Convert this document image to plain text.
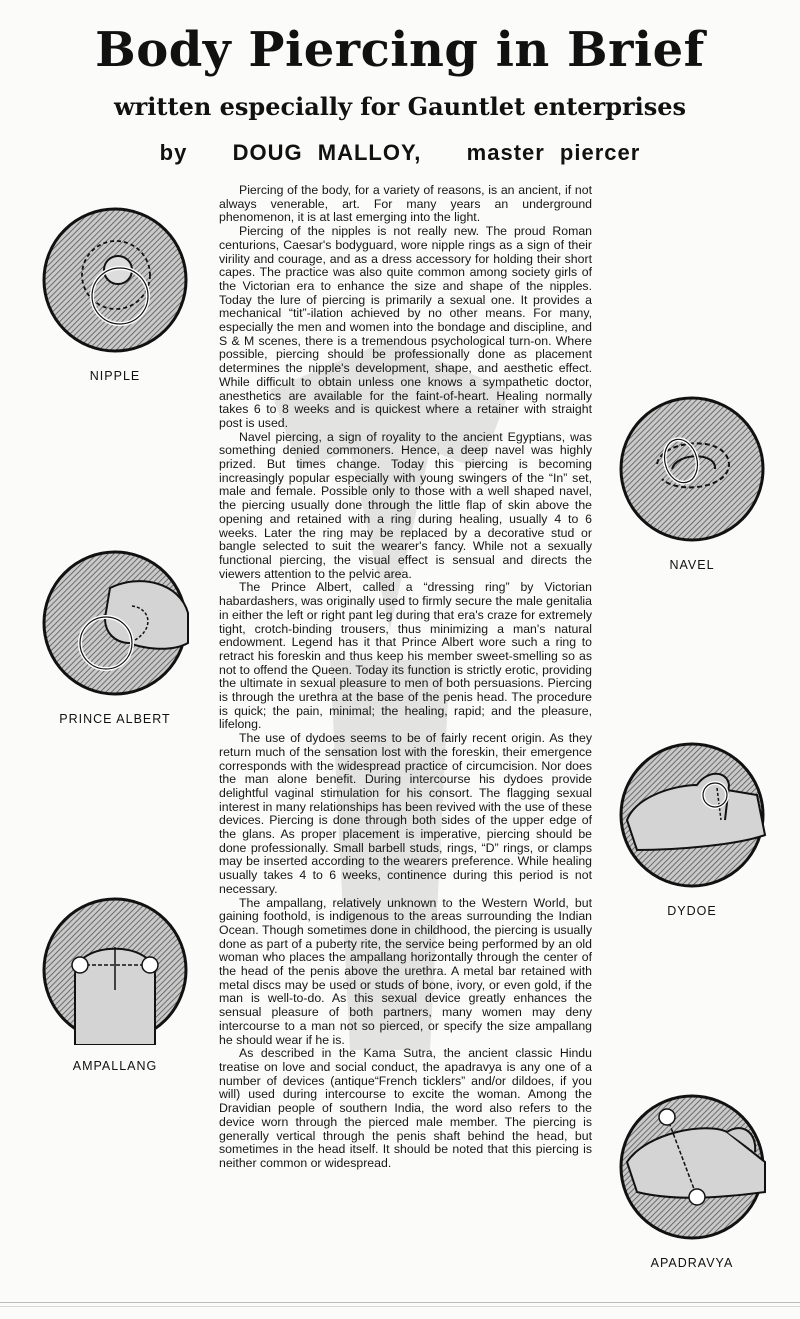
Body Piercing in Brief
written especially for Gauntlet enterprises
by   DOUG MALLOY,   master piercer

Piercing of the body, for a variety of reasons, is an ancient, if not always venerable, art. For many years an underground phenomenon, it is at last emerging into the light.

Piercing of the nipples is not really new. The proud Roman centurions, Caesar's bodyguard, wore nipple rings as a sign of their virility and courage, and as a dress accessory for holding their short capes. The practice was also quite common among society girls of the Victorian era to enhance the size and shape of the nipples. Today the lure of piercing is primarily a sexual one. It provides a mechanical “tit”-ilation achieved by no other means. For many, especially the men and women into the bondage and discipline, and S & M scenes, there is a tremendous psychological turn-on. Where possible, piercing should be professionally done as placement determines the nipple's development, shape, and aesthetic effect. While difficult to obtain unless one knows a sympathetic doctor, anesthetics are available for the faint-of-heart. Healing normally takes 6 to 8 weeks and is quickest where a retainer with straight post is used.

Navel piercing, a sign of royality to the ancient Egyptians, was something denied commoners. Hence, a deep navel was highly prized. But times change. Today this piercing is becoming increasingly popular especially with young swingers of the “In” set, male and female. Possible only to those with a well shaped navel, the piercing usually done through the little flap of skin above the opening and retained with a ring during healing, usually 4 to 6 weeks. Later the ring may be replaced by a decorative stud or bangle selected to suit the wearer's fancy. While not a sexually functional piercing, the visual effect is sensual and directs the viewers attention to the pelvic area.

The Prince Albert, called a “dressing ring” by Victorian habardashers, was originally used to firmly secure the male genitalia in either the left or right pant leg during that era's craze for extremely tight, crotch-binding trousers, thus minimizing a man's natural endowment. Legend has it that Prince Albert wore such a ring to retract his foreskin and thus keep his member sweet-smelling so as not to offend the Queen. Today its function is strictly erotic, providing the ultimate in sexual pleasure to men of both persuasions. Piercing is through the urethra at the base of the penis head. The procedure is quick; the pain, minimal; the healing, rapid; and the pleasure, lifelong.

The use of dydoes seems to be of fairly recent origin. As they return much of the sensation lost with the foreskin, their emergence corresponds with the widespread practice of circumcision. Nor does the man alone benefit. During intercourse his dydoes provide delightful vaginal stimulation for his consort. The flagging sexual interest in many relationships has been revived with the use of these devices. Piercing is done through both sides of the upper edge of the glans. As proper placement is imperative, piercing should be done professionally. Small barbell studs, rings, “D” rings, or clamps may be inserted according to the wearers preference. While healing usually takes 4 to 6 weeks, continence during this period is not necessary.

The ampallang, relatively unknown to the Western World, but gaining foothold, is indigenous to the areas surrounding the Indian Ocean. Though sometimes done in childhood, the piercing is usually done as part of a puberty rite, the service being performed by an old woman who places the ampallang horizontally through the center of the head of the penis above the urethra. A metal bar retained with metal discs may be used or studs of bone, ivory, or even gold, if the man is well-to-do. As this sexual device greatly enhances the sensual pleasure of both partners, many women may deny intercourse to a man not so pierced, or specify the size ampallang he should wear if he is.

As described in the Kama Sutra, the ancient classic Hindu treatise on love and social conduct, the apadravya is any one of a number of devices (antique“French ticklers” and/or dildoes, if you will) used during intercourse to excite the woman. Among the Dravidian people of southern India, the word also refers to the device worn through the pierced male member. The piercing is generally vertical through the penis shaft behind the head, but sometimes in the head itself. It should be noted that this piercing is neither common or widespread.

NIPPLE
NAVEL
PRINCE ALBERT
DYDOE
AMPALLANG
APADRAVYA
